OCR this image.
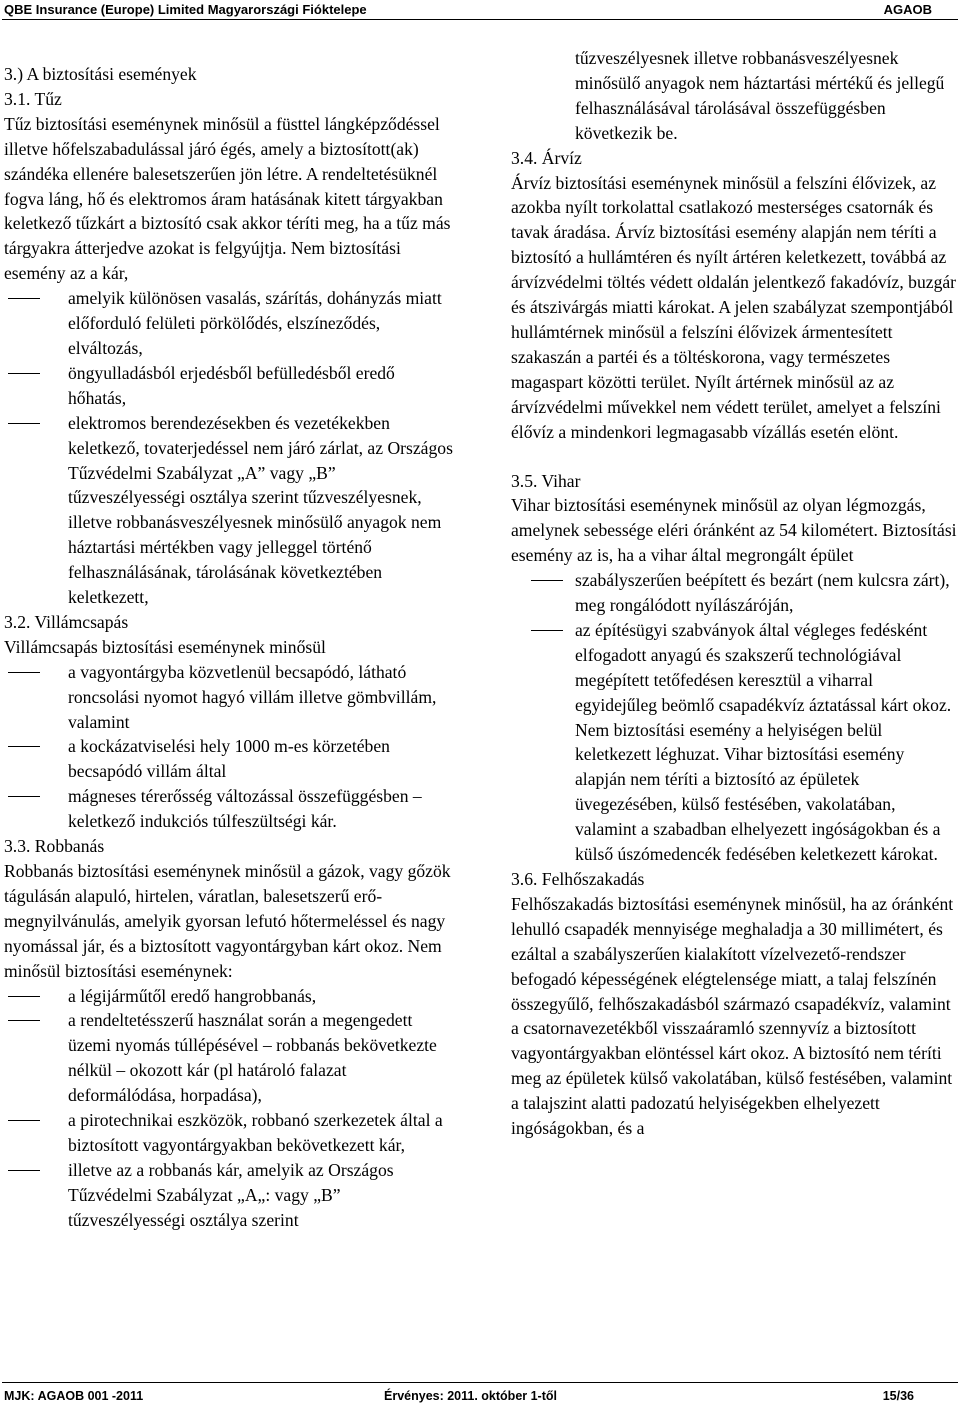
QBE Insurance (Europe) Limited Magyarországi Fióktelepe	AGAOB

3.) A biztosítási események

3.1. Tűz

Tűz biztosítási eseménynek minősül a füsttel lángképződéssel illetve hőfelszabadulással járó égés, amely a biztosított(ak) szándéka ellenére balesetszerűen jön létre. A rendeltetésüknél fogva láng, hő és elektromos áram hatásának kitett tárgyakban keletkező tűzkárt a biztosító csak akkor téríti meg, ha a tűz más tárgyakra átterjedve azokat is felgyújtja. Nem biztosítási esemény az a kár,

amelyik különösen vasalás, szárítás, dohányzás miatt előforduló felületi pörkölődés, elszíneződés, elváltozás,

öngyulladásból erjedésből befülledésből eredő hőhatás,

elektromos berendezésekben és vezetékekben keletkező, tovaterjedéssel nem járó zárlat, az Országos Tűzvédelmi Szabályzat „A” vagy „B” tűzveszélyességi osztálya szerint tűzveszélyesnek, illetve robbanásveszélyesnek minősülő anyagok nem háztartási mértékben vagy jelleggel történő felhasználásának, tárolásának következtében keletkezett,

3.2. Villámcsapás

Villámcsapás biztosítási eseménynek minősül

a vagyontárgyba közvetlenül becsapódó, látható roncsolási nyomot hagyó villám illetve gömbvillám, valamint

a kockázatviselési hely 1000 m-es körzetében becsapódó villám által

mágneses térerősség változással összefüggésben – keletkező indukciós túlfeszültségi kár.

3.3. Robbanás

Robbanás biztosítási eseménynek minősül a gázok, vagy gőzök tágulásán alapuló, hirtelen, váratlan, balesetszerű erő-megnyilvánulás, amelyik gyorsan lefutó hőtermeléssel és nagy nyomással jár, és a biztosított vagyontárgyban kárt okoz. Nem minősül biztosítási eseménynek:

a légijárműtől eredő hangrobbanás,

a rendeltetésszerű használat során a megengedett üzemi nyomás túllépésével – robbanás bekövetkezte nélkül – okozott kár (pl határoló falazat deformálódása, horpadása),

a pirotechnikai eszközök, robbanó szerkezetek által a biztosított vagyontárgyakban bekövetkezett kár,

illetve az a robbanás kár, amelyik az Országos Tűzvédelmi Szabályzat „A„: vagy „B” tűzveszélyességi osztálya szerint

tűzveszélyesnek illetve robbanásveszélyesnek minősülő anyagok nem háztartási mértékű és jellegű felhasználásával tárolásával összefüggésben következik be.

3.4. Árvíz

Árvíz biztosítási eseménynek minősül a felszíni élővizek, az azokba nyílt torkolattal csatlakozó mesterséges csatornák és tavak áradása. Árvíz biztosítási esemény alapján nem téríti a biztosító a hullámtéren és nyílt ártéren keletkezett, továbbá az árvízvédelmi töltés védett oldalán jelentkező fakadóvíz, buzgár és átszivárgás miatti károkat. A jelen szabályzat szempontjából hullámtérnek minősül a felszíni élővizek ármentesített szakaszán a partéi és a töltéskorona, vagy természetes magaspart közötti terület. Nyílt ártérnek minősül az az árvízvédelmi művekkel nem védett terület, amelyet a felszíni élővíz a mindenkori legmagasabb vízállás esetén elönt.

3.5. Vihar

Vihar biztosítási eseménynek minősül az olyan légmozgás, amelynek sebessége eléri óránként az 54 kilométert. Biztosítási esemény az is, ha a vihar által megrongált épület

szabályszerűen beépített és bezárt (nem kulcsra zárt), meg rongálódott nyílászáróján,

az építésügyi szabványok által végleges fedésként elfogadott anyagú és szakszerű technológiával megépített tetőfedésen keresztül a viharral egyidejűleg beömlő csapadékvíz áztatással kárt okoz. Nem biztosítási esemény a helyiségen belül keletkezett léghuzat. Vihar biztosítási esemény alapján nem téríti a biztosító az épületek üvegezésében, külső festésében, vakolatában, valamint a szabadban elhelyezett ingóságokban és a külső úszómedencék fedésében keletkezett károkat.

3.6. Felhőszakadás

Felhőszakadás biztosítási eseménynek minősül, ha az óránként lehulló csapadék mennyisége meghaladja a 30 millimétert, és ezáltal a szabályszerűen kialakított vízelvezető-rendszer befogadó képességének elégtelensége miatt, a talaj felszínén összegyűlő, felhőszakadásból származó csapadékvíz, valamint a csatornavezetékből visszaáramló szennyvíz a biztosított vagyontárgyakban elöntéssel kárt okoz. A biztosító nem téríti meg az épületek külső vakolatában, külső festésében, valamint a talajszint alatti padozatú helyiségekben elhelyezett ingóságokban, és a

MJK: AGAOB 001 -2011	Érvényes: 2011. október 1-től	15/36
